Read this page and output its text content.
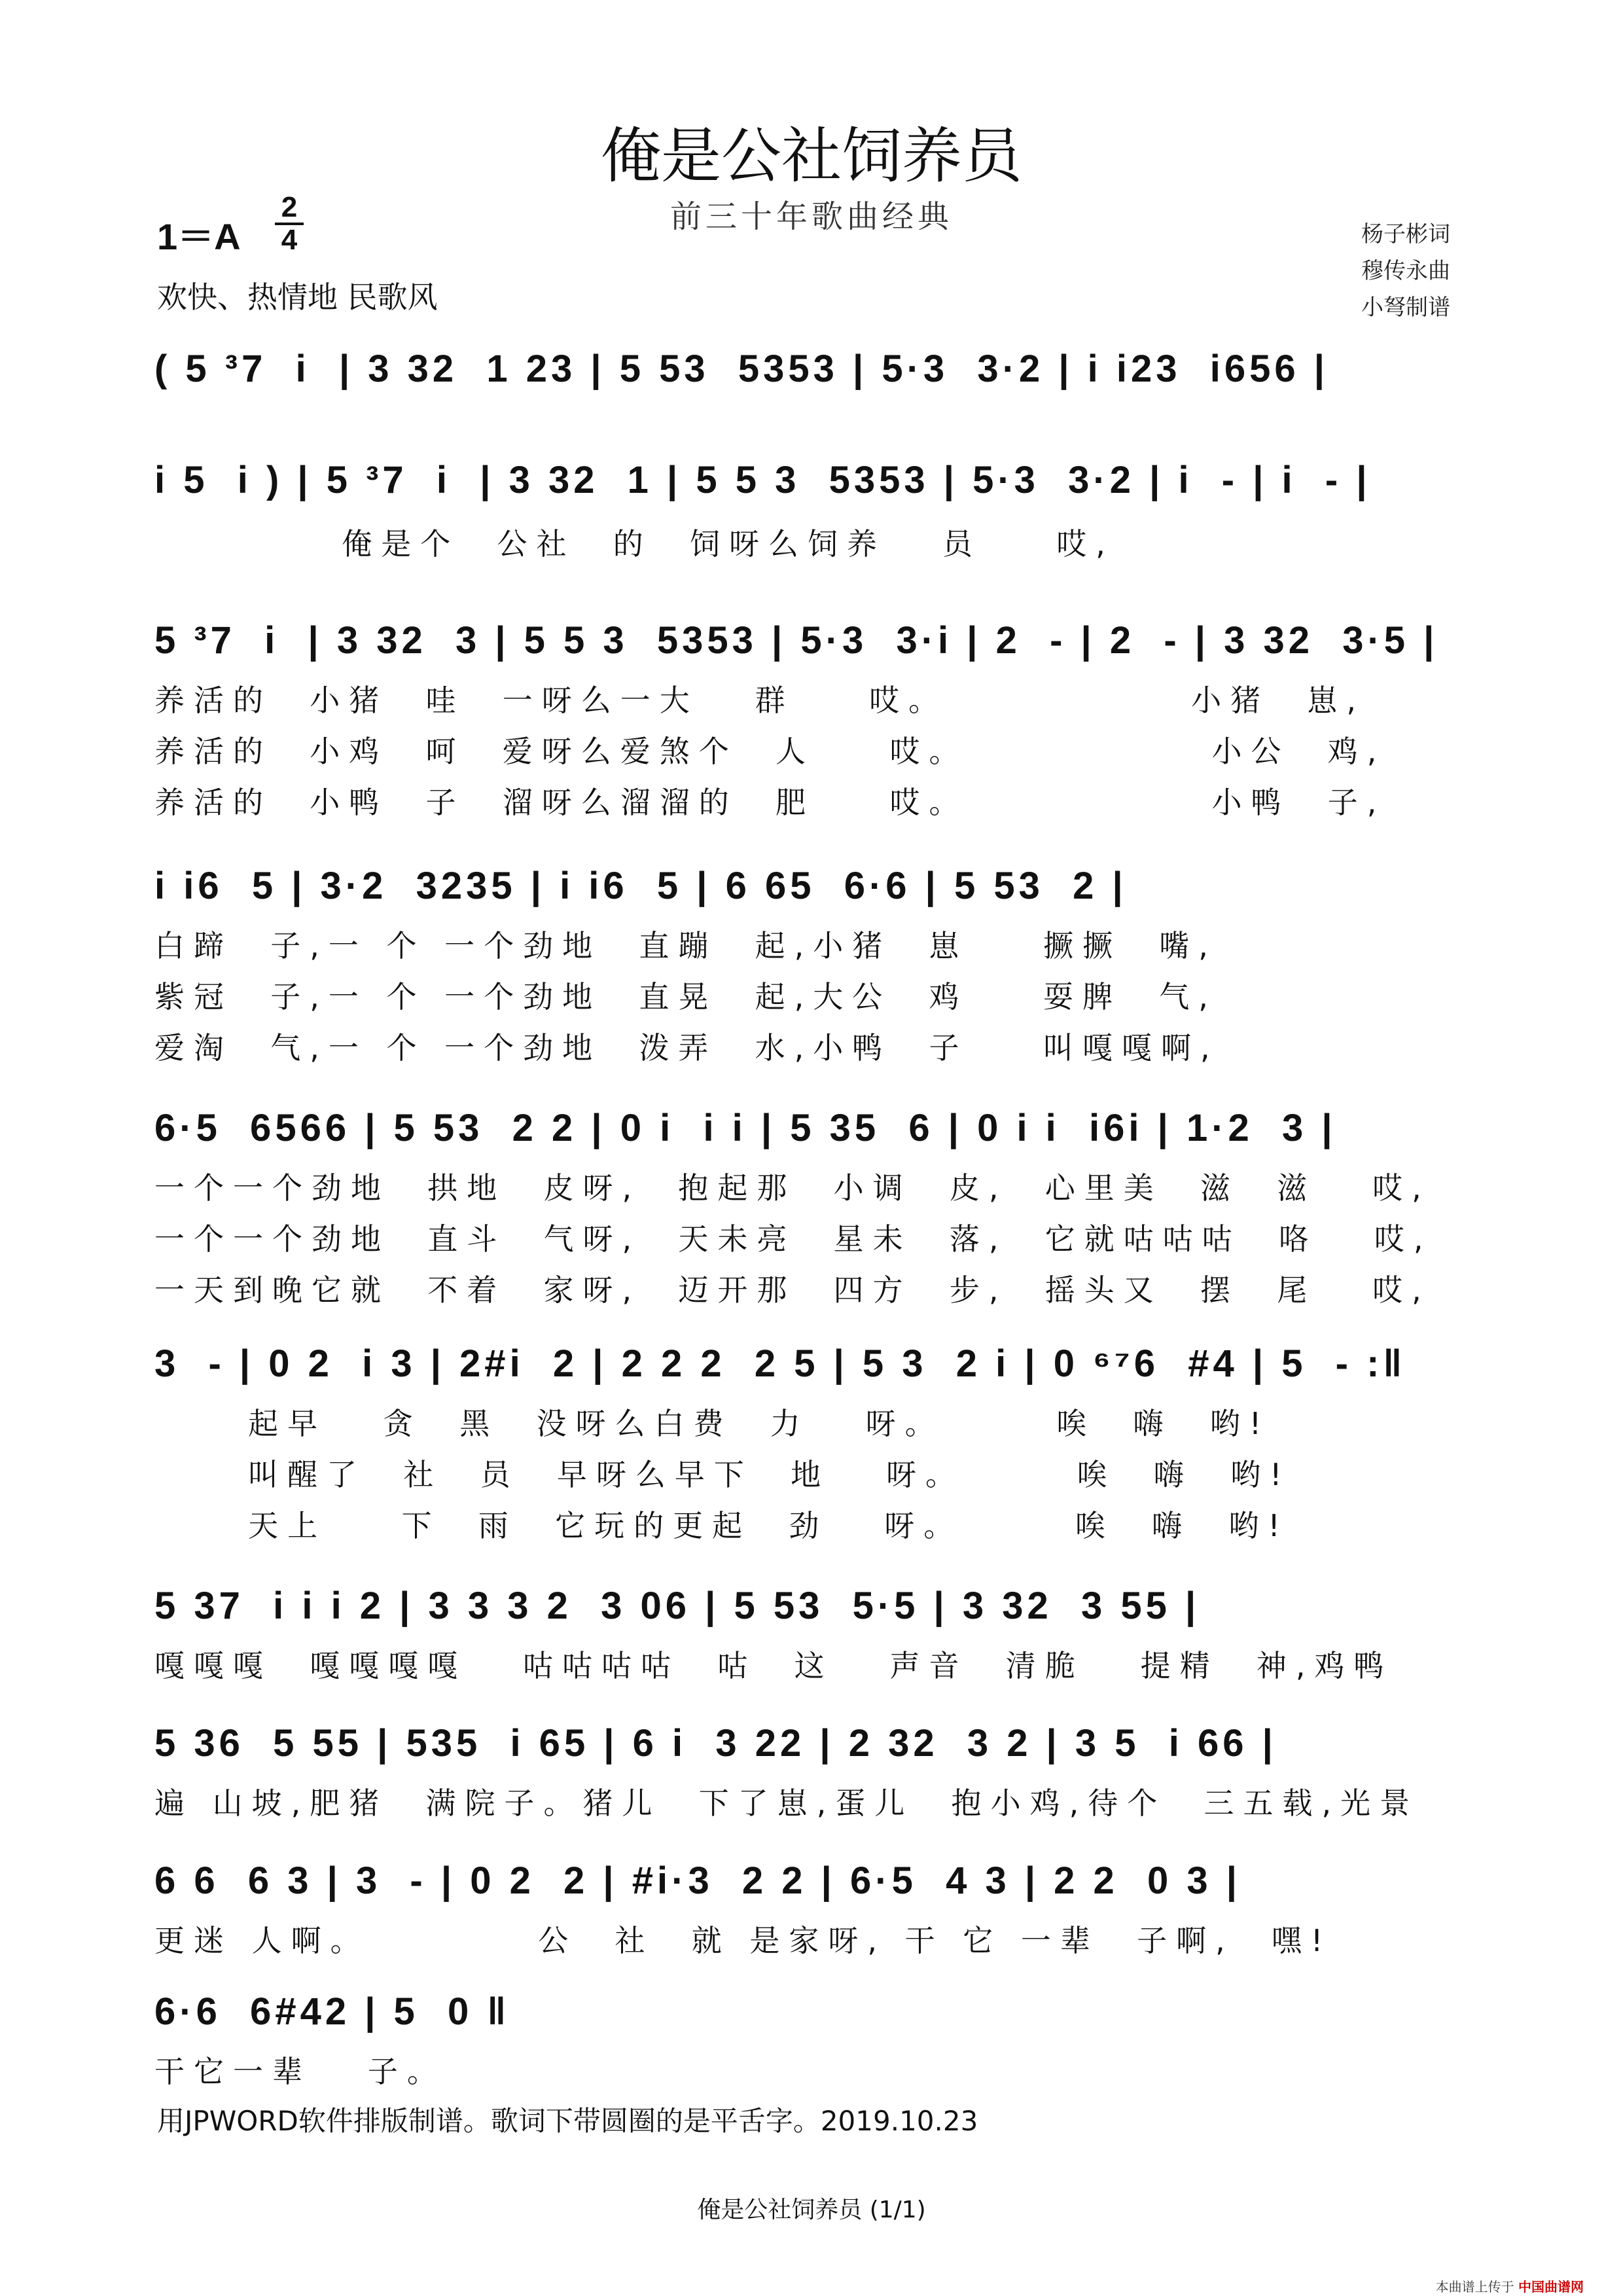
俺是公社饲养员
前三十年歌曲经典
1＝A
2
4
欢快、热情地 民歌风
杨子彬词
穆传永曲
小弩制谱
( 5 ³7  i  | 3 32  1 23 | 5 53  5353 | 5·3  3·2 | i i23  i656 |
i 5  i ) | 5 ³7  i  | 3 32  1 | 5 5 3  5353 | 5·3  3·2 | i  - | i  - |
俺是个  公社  的  饲呀么饲养   员    哎,
5 ³7  i  | 3 32  3 | 5 5 3  5353 | 5·3  3·i | 2  - | 2  - | 3 32  3·5 |
养活的  小猪  哇  一呀么一大   群    哎。             小猪  崽,
养活的  小鸡  呵  爱呀么爱煞个  人    哎。             小公  鸡,
养活的  小鸭  子  溜呀么溜溜的  肥    哎。             小鸭  子,
i i6  5 | 3·2  3235 | i i6  5 | 6 65  6·6 | 5 53  2 |
白蹄  子,一 个 一个劲地  直蹦  起,小猪  崽    撅撅  嘴,
紫冠  子,一 个 一个劲地  直晃  起,大公  鸡    耍脾  气,
爱淘  气,一 个 一个劲地  泼弄  水,小鸭  子    叫嘎嘎啊,
6·5  6566 | 5 53  2 2 | 0 i  i i | 5 35  6 | 0 i i  i6i | 1·2  3 |
一个一个劲地  拱地  皮呀,  抱起那  小调  皮,  心里美  滋  滋   哎,
一个一个劲地  直斗  气呀,  天未亮  星未  落,  它就咕咕咕  咯   哎,
一天到晚它就  不着  家呀,  迈开那  四方  步,  摇头又  摆  尾   哎,
3  - | 0 2  i 3 | 2#i  2 | 2 2 2  2 5 | 5 3  2 i | 0 ⁶⁷6  #4 | 5  - :‖
起早   贪  黑  没呀么白费  力   呀。      唉  嗨  哟!
叫醒了  社  员  早呀么早下  地   呀。      唉  嗨  哟!
天上    下  雨  它玩的更起  劲   呀。      唉  嗨  哟!
5 37  i i i 2 | 3 3 3 2  3 06 | 5 53  5·5 | 3 32  3 55 |
嘎嘎嘎  嘎嘎嘎嘎   咕咕咕咕  咕  这   声音  清脆   提精  神,鸡鸭
5 36  5 55 | 535  i 65 | 6 i  3 22 | 2 32  3 2 | 3 5  i 66 |
遍 山坡,肥猪  满院子。猪儿  下了崽,蛋儿  抱小鸡,待个  三五载,光景
6 6  6 3 | 3  - | 0 2  2 | #i·3  2 2 | 6·5  4 3 | 2 2  0 3 |
更迷 人啊。         公  社  就 是家呀, 干 它 一辈  子啊,  嘿!
6·6  6#42 | 5  0 ‖
干它一辈   子。
用JPWORD软件排版制谱。歌词下带圆圈的是平舌字。2019.10.23
俺是公社饲养员 (1/1)
本曲谱上传于 中国曲谱网
